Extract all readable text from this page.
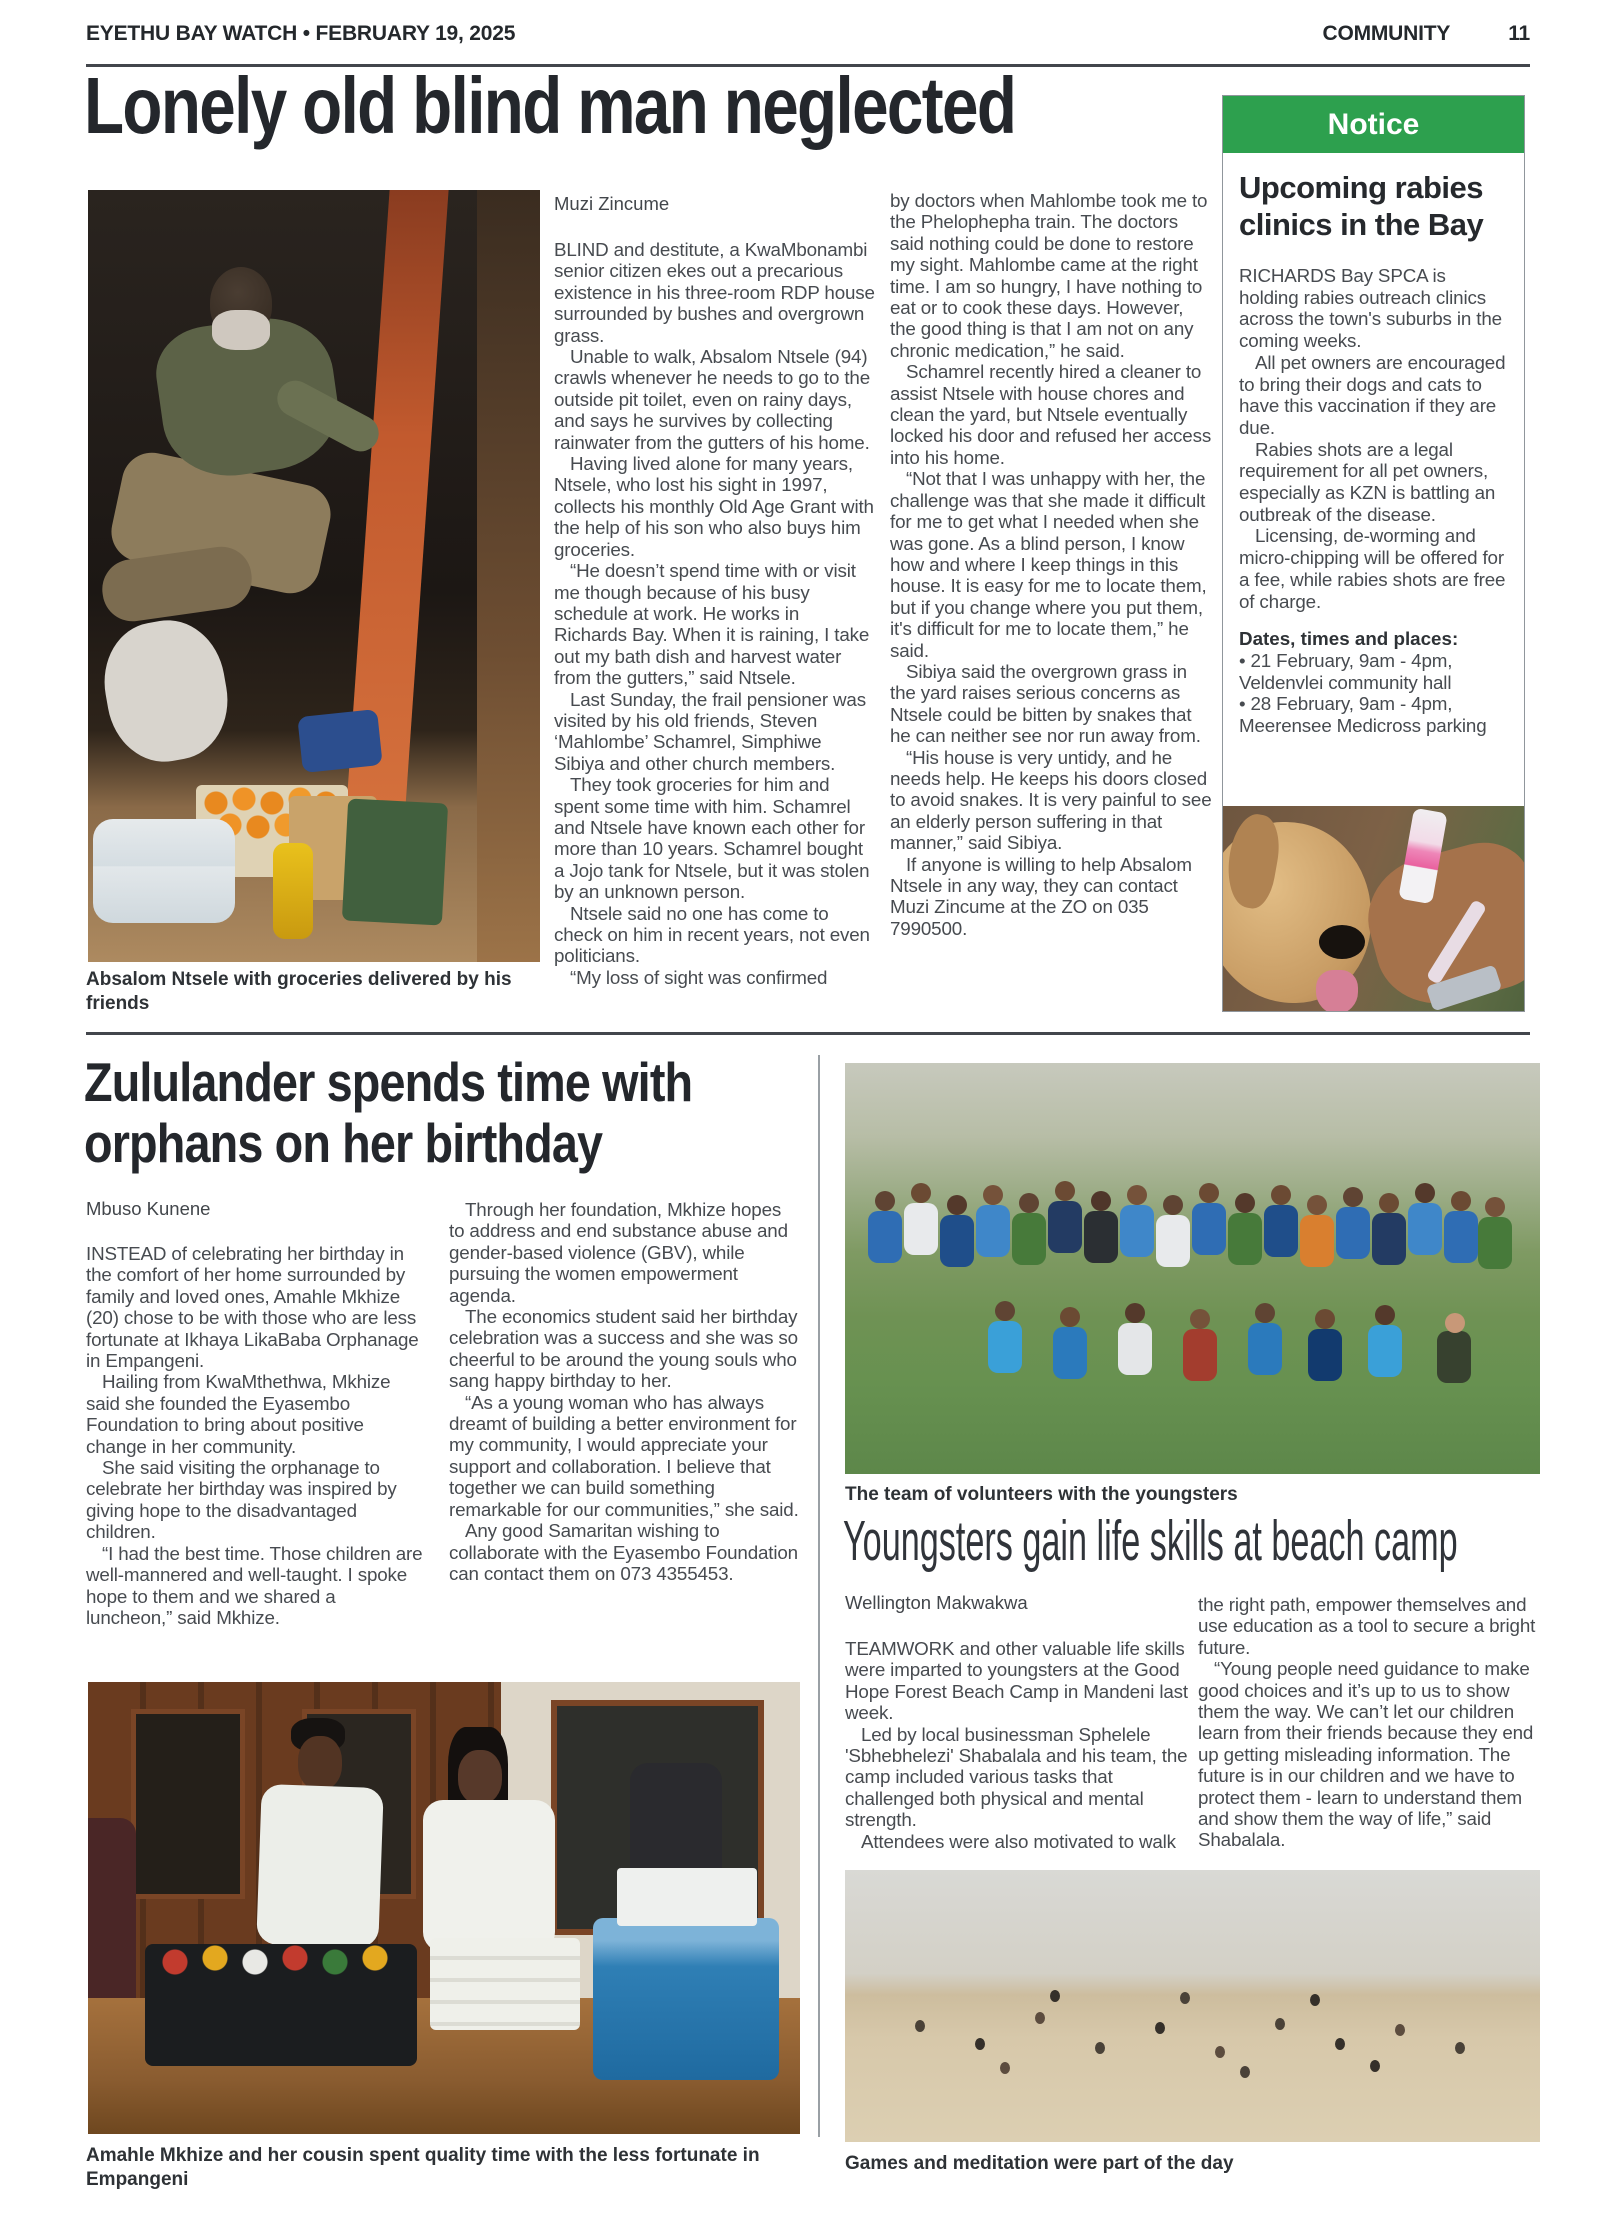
EYETHU BAY WATCH • FEBRUARY 19, 2025	COMMUNITY	11
Lonely old blind man neglected
Absalom Ntsele with groceries delivered by his friends
Muzi Zincume

BLIND and destitute, a KwaMbonambi senior citizen ekes out a precarious existence in his three-room RDP house surrounded by bushes and overgrown grass.

Unable to walk, Absalom Ntsele (94) crawls whenever he needs to go to the outside pit toilet, even on rainy days, and says he survives by collecting rainwater from the gutters of his home.

Having lived alone for many years, Ntsele, who lost his sight in 1997, collects his monthly Old Age Grant with the help of his son who also buys him groceries.

“He doesn’t spend time with or visit me though because of his busy schedule at work. He works in Richards Bay. When it is raining, I take out my bath dish and harvest water from the gutters,” said Ntsele.

Last Sunday, the frail pensioner was visited by his old friends, Steven ‘Mahlombe’ Schamrel, Simphiwe Sibiya and other church members.

They took groceries for him and spent some time with him. Schamrel and Ntsele have known each other for more than 10 years. Schamrel bought a Jojo tank for Ntsele, but it was stolen by an unknown person.

Ntsele said no one has come to check on him in recent years, not even politicians.

“My loss of sight was confirmed

by doctors when Mahlombe took me to the Phelophepha train. The doctors said nothing could be done to restore my sight. Mahlombe came at the right time. I am so hungry, I have nothing to eat or to cook these days. However, the good thing is that I am not on any chronic medication,” he said.

Schamrel recently hired a cleaner to assist Ntsele with house chores and clean the yard, but Ntsele eventually locked his door and refused her access into his home.

“Not that I was unhappy with her, the challenge was that she made it difficult for me to get what I needed when she was gone. As a blind person, I know how and where I keep things in this house. It is easy for me to locate them, but if you change where you put them, it's difficult for me to locate them,” he said.

Sibiya said the overgrown grass in the yard raises serious concerns as Ntsele could be bitten by snakes that he can neither see nor run away from.

“His house is very untidy, and he needs help. He keeps his doors closed to avoid snakes. It is very painful to see an elderly person suffering in that manner,” said Sibiya.

If anyone is willing to help Absalom Ntsele in any way, they can contact Muzi Zincume at the ZO on 035 7990500.

Notice
Upcoming rabies clinics in the Bay

RICHARDS Bay SPCA is holding rabies outreach clinics across the town's suburbs in the coming weeks.

All pet owners are encouraged to bring their dogs and cats to have this vaccination if they are due.

Rabies shots are a legal requirement for all pet owners, especially as KZN is battling an outbreak of the disease.

Licensing, de-worming and micro-chipping will be offered for a fee, while rabies shots are free of charge.

Dates, times and places:

• 21 February, 9am - 4pm, Veldenvlei community hall

• 28 February, 9am - 4pm, Meerensee Medicross parking

Zululander spends time with
orphans on her birthday
Mbuso Kunene

INSTEAD of celebrating her birthday in the comfort of her home surrounded by family and loved ones, Amahle Mkhize (20) chose to be with those who are less fortunate at Ikhaya LikaBaba Orphanage in Empangeni.

Hailing from KwaMthethwa, Mkhize said she founded the Eyasembo Foundation to bring about positive change in her community.

She said visiting the orphanage to celebrate her birthday was inspired by giving hope to the disadvantaged children.

“I had the best time. Those children are well-mannered and well-taught. I spoke hope to them and we shared a luncheon,” said Mkhize.

Through her foundation, Mkhize hopes to address and end substance abuse and gender-based violence (GBV), while pursuing the women empowerment agenda.

The economics student said her birthday celebration was a success and she was so cheerful to be around the young souls who sang happy birthday to her.

“As a young woman who has always dreamt of building a better environment for my community, I would appreciate your support and collaboration. I believe that together we can build something remarkable for our communities,” she said.

Any good Samaritan wishing to collaborate with the Eyasembo Foundation can contact them on 073 4355453.

Amahle Mkhize and her cousin spent quality time with the less fortunate in Empangeni
The team of volunteers with the youngsters
Youngsters gain life skills at beach camp
Wellington Makwakwa

TEAMWORK and other valuable life skills were imparted to youngsters at the Good Hope Forest Beach Camp in Mandeni last week.

Led by local businessman Sphelele 'Sbhebhelezi' Shabalala and his team, the camp included various tasks that challenged both physical and mental strength.

Attendees were also motivated to walk

the right path, empower themselves and use education as a tool to secure a bright future.

“Young people need guidance to make good choices and it’s up to us to show them the way. We can’t let our children learn from their friends because they end up getting misleading information. The future is in our children and we have to protect them - learn to understand them and show them the way of life,” said Shabalala.

Games and meditation were part of the day
